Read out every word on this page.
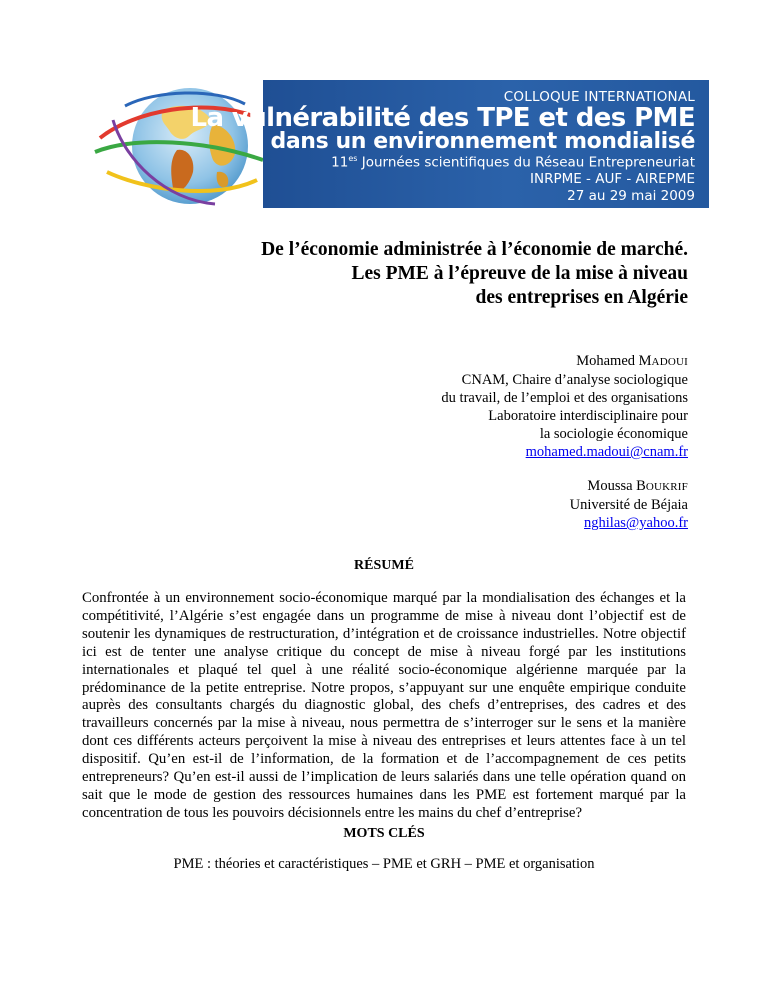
COLLOQUE INTERNATIONAL
La vulnérabilité des TPE et des PME
dans un environnement mondialisé
$11^{es}$ Journées scientifiques du Réseau Entrepreneuriat
INRPME - AUF - AIREPME
27 au 29 mai 2009
De l’économie administrée à l’économie de marché.
Les PME à l’épreuve de la mise à niveau
des entreprises en Algérie
Mohamed MADOUI
CNAM, Chaire d’analyse sociologique
du travail, de l’emploi et des organisations
Laboratoire interdisciplinaire pour
la sociologie économique
mohamed.madoui@cnam.fr
Moussa BOUKRIF
Université de Béjaia
nghilas@yahoo.fr
RÉSUMÉ

Confrontée à un environnement socio-économique marqué par la mondialisation des échanges et la compétitivité, l’Algérie s’est engagée dans un programme de mise à niveau dont l’objectif est de soutenir les dynamiques de restructuration, d’intégration et de croissance industrielles. Notre objectif ici est de tenter une analyse critique du concept de mise à niveau forgé par les institutions internationales et plaqué tel quel à une réalité socio-économique algérienne marquée par la prédominance de la petite entreprise. Notre propos, s’appuyant sur une enquête empirique conduite auprès des consultants chargés du diagnostic global, des chefs d’entreprises, des cadres et des travailleurs concernés par la mise à niveau, nous permettra de s’interroger sur le sens et la manière dont ces différents acteurs perçoivent la mise à niveau des entreprises et leurs attentes face à un tel dispositif. Qu’en est-il de l’information, de la formation et de l’accompagnement de ces petits entrepreneurs? Qu’en est-il aussi de l’implication de leurs salariés dans une telle opération quand on sait que le mode de gestion des ressources humaines dans les PME est fortement marqué par la concentration de tous les pouvoirs décisionnels entre les mains du chef d’entreprise?

MOTS CLÉS
PME : théories et caractéristiques – PME et GRH – PME et organisation
